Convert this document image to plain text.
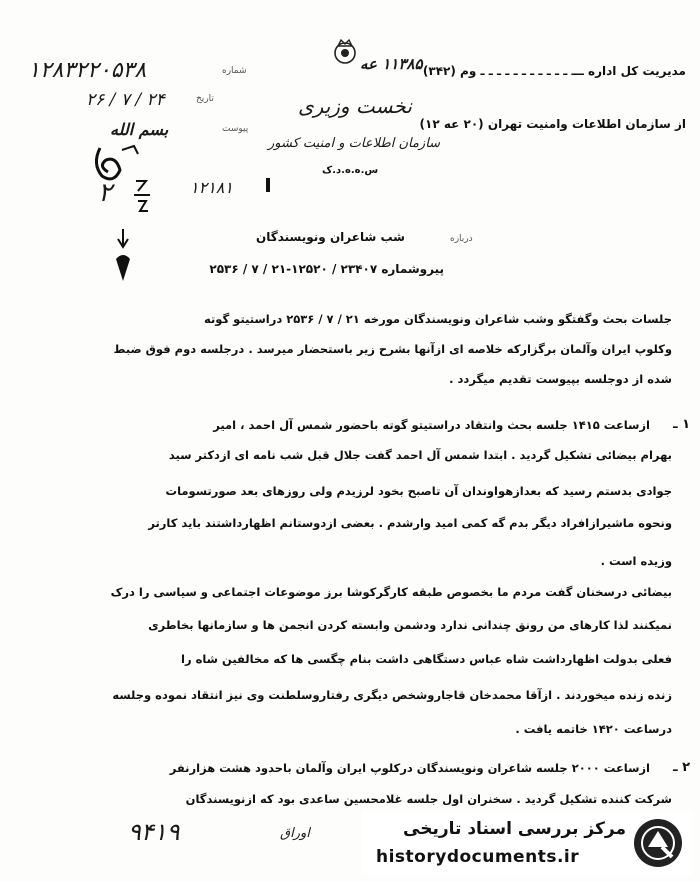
مدیریت کل اداره ـــ ـ ـ ـ ـ ـ ـ ـ ـ ـ ـ ـ وم (۳۴۲)
از سازمان اطلاعات وامنیت تهران (۲۰ عه ۱۲)
۱۱۳۸۵ عه
نخست وزیری
سازمان اطلاعات و امنیت کشور
س.ه.ه.د.ک
۱۲۸۳۲۲۰۵۳۸	شماره
۲۴ / ۷ / ۲۶	تاریخ
بسم الله	پیوست
۲	۱۲۱۸۱
درباره
شب شاعران ونویسندگان
پیروشماره ۲۳۴۰۷ / ۱۲۵۲۰-۲۱ / ۷ / ۲۵۳۶
جلسات بحث وگفتگو وشب شاعران ونویسندگان مورخه ۲۱ / ۷ / ۲۵۳۶ دراستیتو گوته
وکلوپ ایران وآلمان برگزارکه خلاصه ای ازآنها بشرح زیر باستحضار میرسد . درجلسه دوم فوق ضبط
شده از دوجلسه بپیوست تقدیم میگردد .
۱ ـ
ازساعت ۱۴۱۵ جلسه بحث وانتقاد دراستیتو گوته باحضور شمس آل احمد ، امیر
بهرام بیضائی تشکیل گردید . ابتدا شمس آل احمد گفت جلال قبل شب نامه ای ازدکتر سید
جوادی بدستم رسید که بعدازهواوندان آن تاصبح بخود لرزیدم ولی روزهای بعد صورتسومات
ونحوه ماشیرازافراد دیگر بدم گه کمی امید وارشدم . بعضی ازدوستانم اظهارداشتند باید کارتر
وزیده است .
بیضائی درسخنان گفت مردم ما بخصوص طبقه کارگرکوشا برز موضوعات اجتماعی و سیاسی را درک
نمیکنند لذا کارهای من رونق چندانی ندارد ودشمن وابسته کردن انجمن ها و سازمانها بخاطری
فعلی بدولت اظهارداشت شاه عباس دستگاهی داشت بنام چگسی ها که مخالفین شاه را
زنده زنده میخوردند . ازآقا محمدخان قاجاروشخص دیگری رفتاروسلطنت وی نیز انتقاد نموده وجلسه
درساعت ۱۴۲۰ خاتمه یافت .
۲ ـ
ازساعت ۲۰۰۰ جلسه شاعران ونویسندگان درکلوپ ایران وآلمان باحدود هشت هزارنفر
شرکت کننده تشکیل گردید . سخنران اول جلسه غلامحسین ساعدی بود که ازنویسندگان
۹۴۱۹	اوراق	مرکز بررسی اسناد تاریخی
historydocuments.ir
